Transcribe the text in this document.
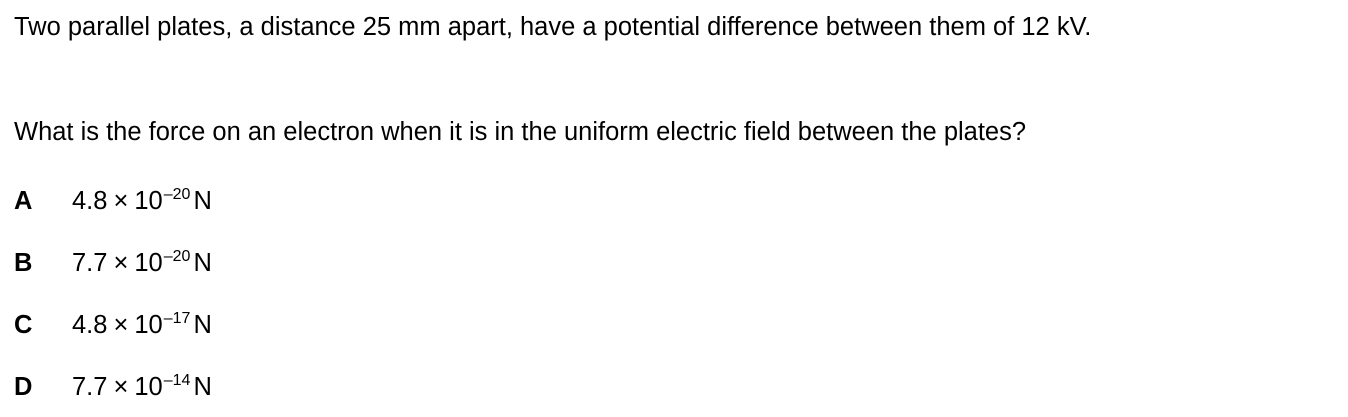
Two parallel plates, a distance 25 mm apart, have a potential difference between them of 12 kV.

What is the force on an electron when it is in the uniform electric field between the plates?

A $4.8 \times 10^{-20}$ N
B $7.7 \times 10^{-20}$ N
C $4.8 \times 10^{-17}$ N
D $7.7 \times 10^{-14}$ N
